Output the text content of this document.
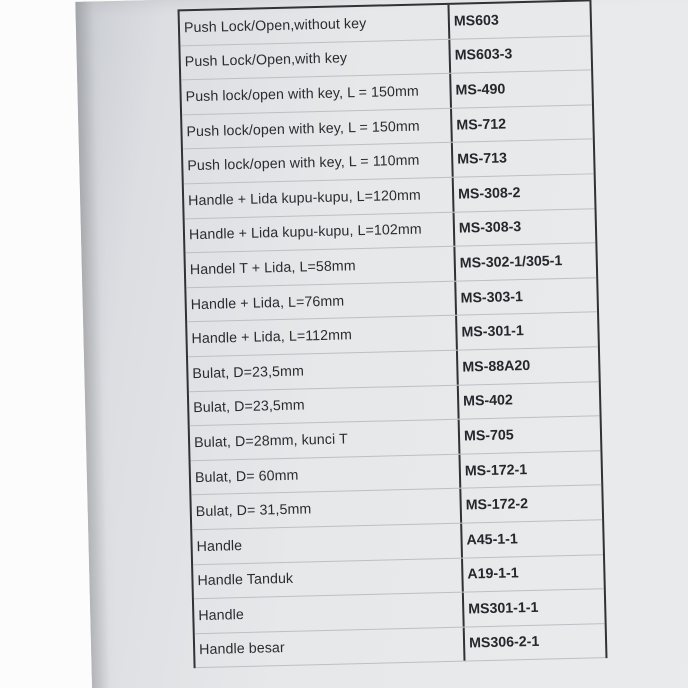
Push Lock/Open,without key	MS603
Push Lock/Open,with key	MS603-3
Push lock/open with key, L = 150mm	MS-490
Push lock/open with key, L = 150mm	MS-712
Push lock/open with key, L = 110mm	MS-713
Handle + Lida kupu-kupu, L=120mm	MS-308-2
Handle + Lida kupu-kupu, L=102mm	MS-308-3
Handel T + Lida, L=58mm	MS-302-1/305-1
Handle + Lida, L=76mm	MS-303-1
Handle + Lida, L=112mm	MS-301-1
Bulat, D=23,5mm	MS-88A20
Bulat, D=23,5mm	MS-402
Bulat, D=28mm, kunci T	MS-705
Bulat, D= 60mm	MS-172-1
Bulat, D= 31,5mm	MS-172-2
Handle	A45-1-1
Handle Tanduk	A19-1-1
Handle	MS301-1-1
Handle besar	MS306-2-1
